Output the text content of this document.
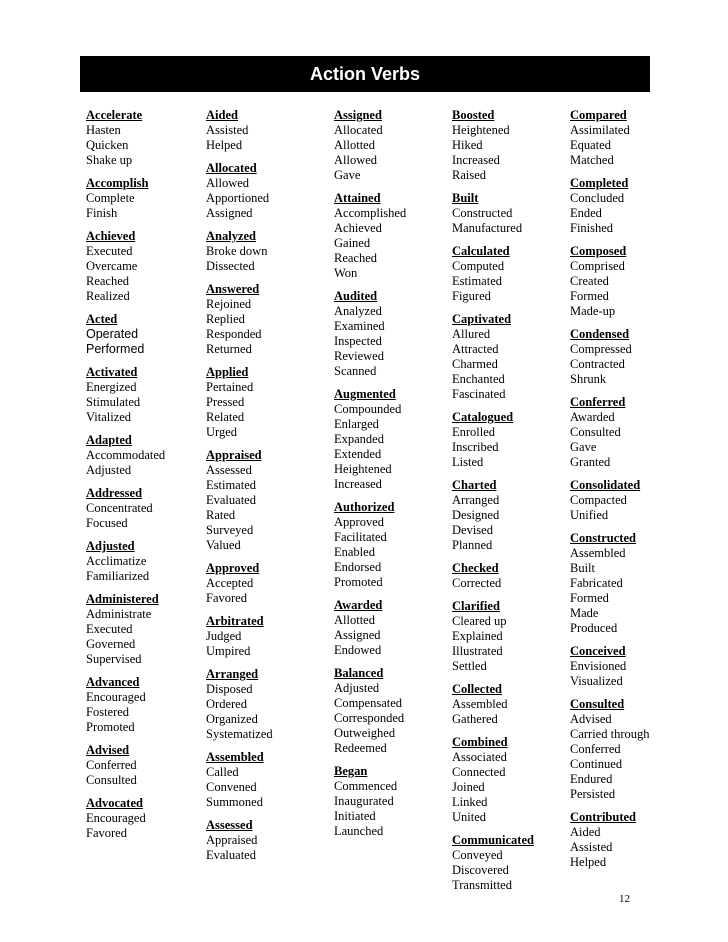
Action Verbs
Accelerate
Hasten
Quicken
Shake up
Accomplish
Complete
Finish
Achieved
Executed
Overcame
Reached
Realized
Acted
Operated
Performed
Activated
Energized
Stimulated
Vitalized
Adapted
Accommodated
Adjusted
Addressed
Concentrated
Focused
Adjusted
Acclimatize
Familiarized
Administered
Administrate
Executed
Governed
Supervised
Advanced
Encouraged
Fostered
Promoted
Advised
Conferred
Consulted
Advocated
Encouraged
Favored
Aided
Assisted
Helped
Allocated
Allowed
Apportioned
Assigned
Analyzed
Broke down
Dissected
Answered
Rejoined
Replied
Responded
Returned
Applied
Pertained
Pressed
Related
Urged
Appraised
Assessed
Estimated
Evaluated
Rated
Surveyed
Valued
Approved
Accepted
Favored
Arbitrated
Judged
Umpired
Arranged
Disposed
Ordered
Organized
Systematized
Assembled
Called
Convened
Summoned
Assessed
Appraised
Evaluated
Assigned
Allocated
Allotted
Allowed
Gave
Attained
Accomplished
Achieved
Gained
Reached
Won
Audited
Analyzed
Examined
Inspected
Reviewed
Scanned
Augmented
Compounded
Enlarged
Expanded
Extended
Heightened
Increased
Authorized
Approved
Facilitated
Enabled
Endorsed
Promoted
Awarded
Allotted
Assigned
Endowed
Balanced
Adjusted
Compensated
Corresponded
Outweighed
Redeemed
Began
Commenced
Inaugurated
Initiated
Launched
Boosted
Heightened
Hiked
Increased
Raised
Built
Constructed
Manufactured
Calculated
Computed
Estimated
Figured
Captivated
Allured
Attracted
Charmed
Enchanted
Fascinated
Catalogued
Enrolled
Inscribed
Listed
Charted
Arranged
Designed
Devised
Planned
Checked
Corrected
Clarified
Cleared up
Explained
Illustrated
Settled
Collected
Assembled
Gathered
Combined
Associated
Connected
Joined
Linked
United
Communicated
Conveyed
Discovered
Transmitted
Compared
Assimilated
Equated
Matched
Completed
Concluded
Ended
Finished
Composed
Comprised
Created
Formed
Made-up
Condensed
Compressed
Contracted
Shrunk
Conferred
Awarded
Consulted
Gave
Granted
Consolidated
Compacted
Unified
Constructed
Assembled
Built
Fabricated
Formed
Made
Produced
Conceived
Envisioned
Visualized
Consulted
Advised
Carried through
Conferred
Continued
Endured
Persisted
Contributed
Aided
Assisted
Helped
12
